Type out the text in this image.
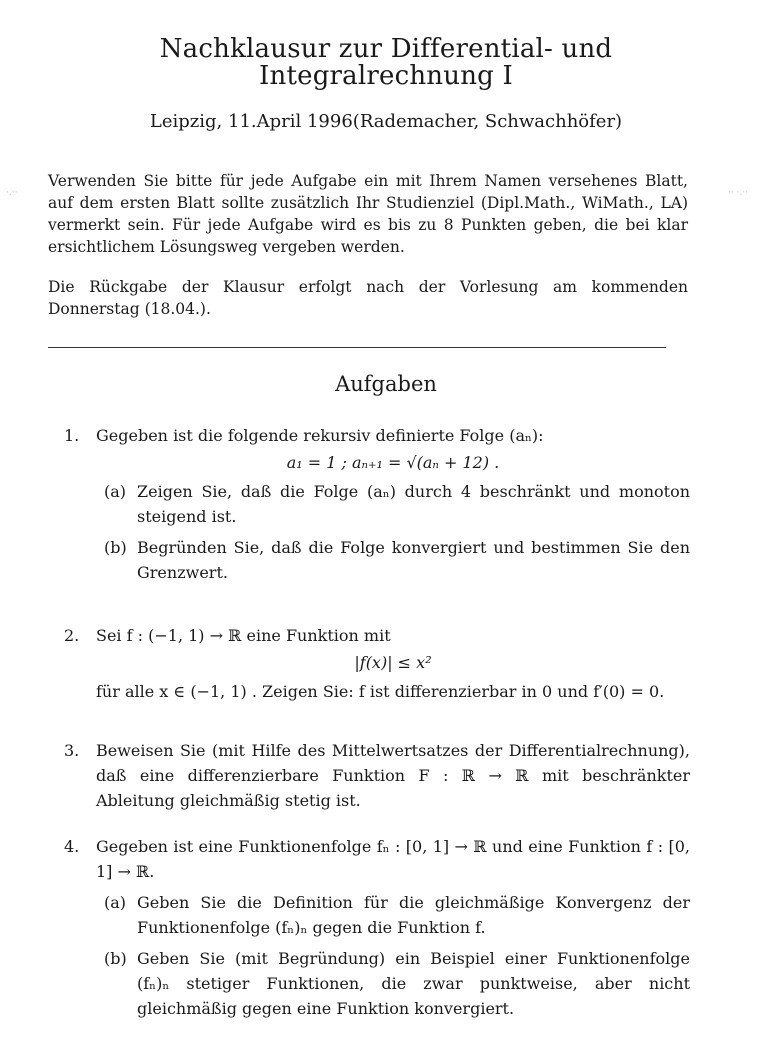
Nachklausur zur Differential- und
Integralrechnung I
Leipzig, 11.April 1996(Rademacher, Schwachhöfer)
·.··	·· ·.··

Verwenden Sie bitte für jede Aufgabe ein mit Ihrem Namen versehenes Blatt, auf dem ersten Blatt sollte zusätzlich Ihr Studienziel (Dipl.Math., WiMath., LA) vermerkt sein. Für jede Aufgabe wird es bis zu 8 Punkten geben, die bei klar ersichtlichem Lösungsweg vergeben werden.

Die Rückgabe der Klausur erfolgt nach der Vorlesung am kommenden Donnerstag (18.04.).

Aufgaben
1.	Gegeben ist die folgende rekursiv definierte Folge (aₙ):
a₁ = 1 ; aₙ₊₁ = √(aₙ + 12) .
(a) Zeigen Sie, daß die Folge (aₙ) durch 4 beschränkt und monoton steigend ist.
(b) Begründen Sie, daß die Folge konvergiert und bestimmen Sie den Grenzwert.
2.	Sei f : (−1, 1) → ℝ eine Funktion mit
|f(x)| ≤ x²
für alle x ∈ (−1, 1) . Zeigen Sie: f ist differenzierbar in 0 und f′(0) = 0.
3.	Beweisen Sie (mit Hilfe des Mittelwertsatzes der Differentialrechnung), daß eine differenzierbare Funktion F : ℝ → ℝ mit beschränkter Ableitung gleichmäßig stetig ist.
4.	Gegeben ist eine Funktionenfolge fₙ : [0, 1] → ℝ und eine Funktion f : [0, 1] → ℝ.
(a) Geben Sie die Definition für die gleichmäßige Konvergenz der Funktionenfolge (fₙ)ₙ gegen die Funktion f.
(b) Geben Sie (mit Begründung) ein Beispiel einer Funktionenfolge (fₙ)ₙ stetiger Funktionen, die zwar punktweise, aber nicht gleichmäßig gegen eine Funktion konvergiert.
